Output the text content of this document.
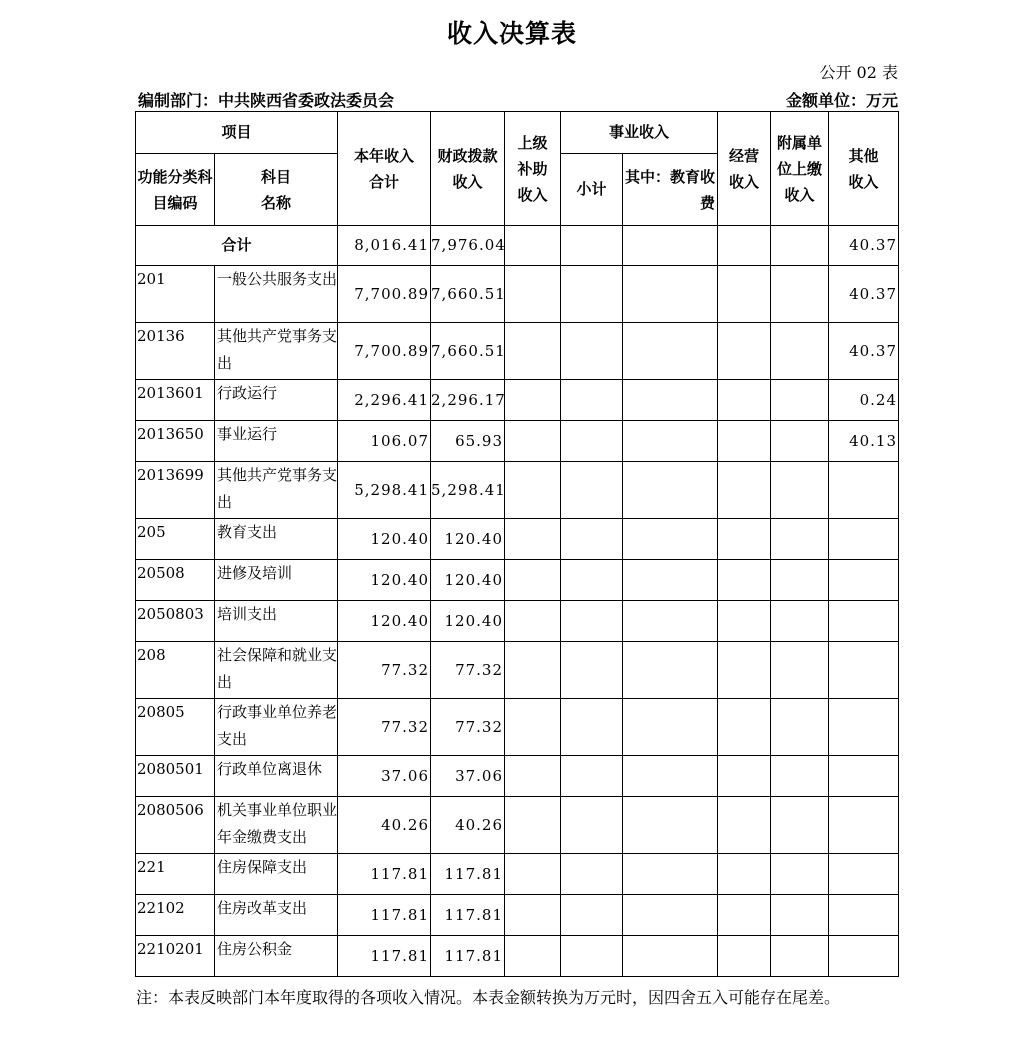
收入决算表
公开 02 表
编制部门：中共陕西省委政法委员会	金额单位：万元
项目		本年收入合计	财政拨款收入	上级补助收入	事业收入		经营收入	附属单位上缴收入	其他收入

功能分类科目编码	科目名称				小计	其中：教育收费			

合计		8,016.41	7,976.04						40.37
201	一般公共服务支出	7,700.89	7,660.51						40.37
20136	其他共产党事务支出	7,700.89	7,660.51						40.37
2013601	行政运行	2,296.41	2,296.17						0.24
2013650	事业运行	106.07	65.93						40.13
2013699	其他共产党事务支出	5,298.41	5,298.41						
205	教育支出	120.40	120.40						
20508	进修及培训	120.40	120.40						
2050803	培训支出	120.40	120.40						
208	社会保障和就业支出	77.32	77.32						
20805	行政事业单位养老支出	77.32	77.32						
2080501	行政单位离退休	37.06	37.06						
2080506	机关事业单位职业年金缴费支出	40.26	40.26						
221	住房保障支出	117.81	117.81						
22102	住房改革支出	117.81	117.81						
2210201	住房公积金	117.81	117.81						
注：本表反映部门本年度取得的各项收入情况。本表金额转换为万元时，因四舍五入可能存在尾差。
